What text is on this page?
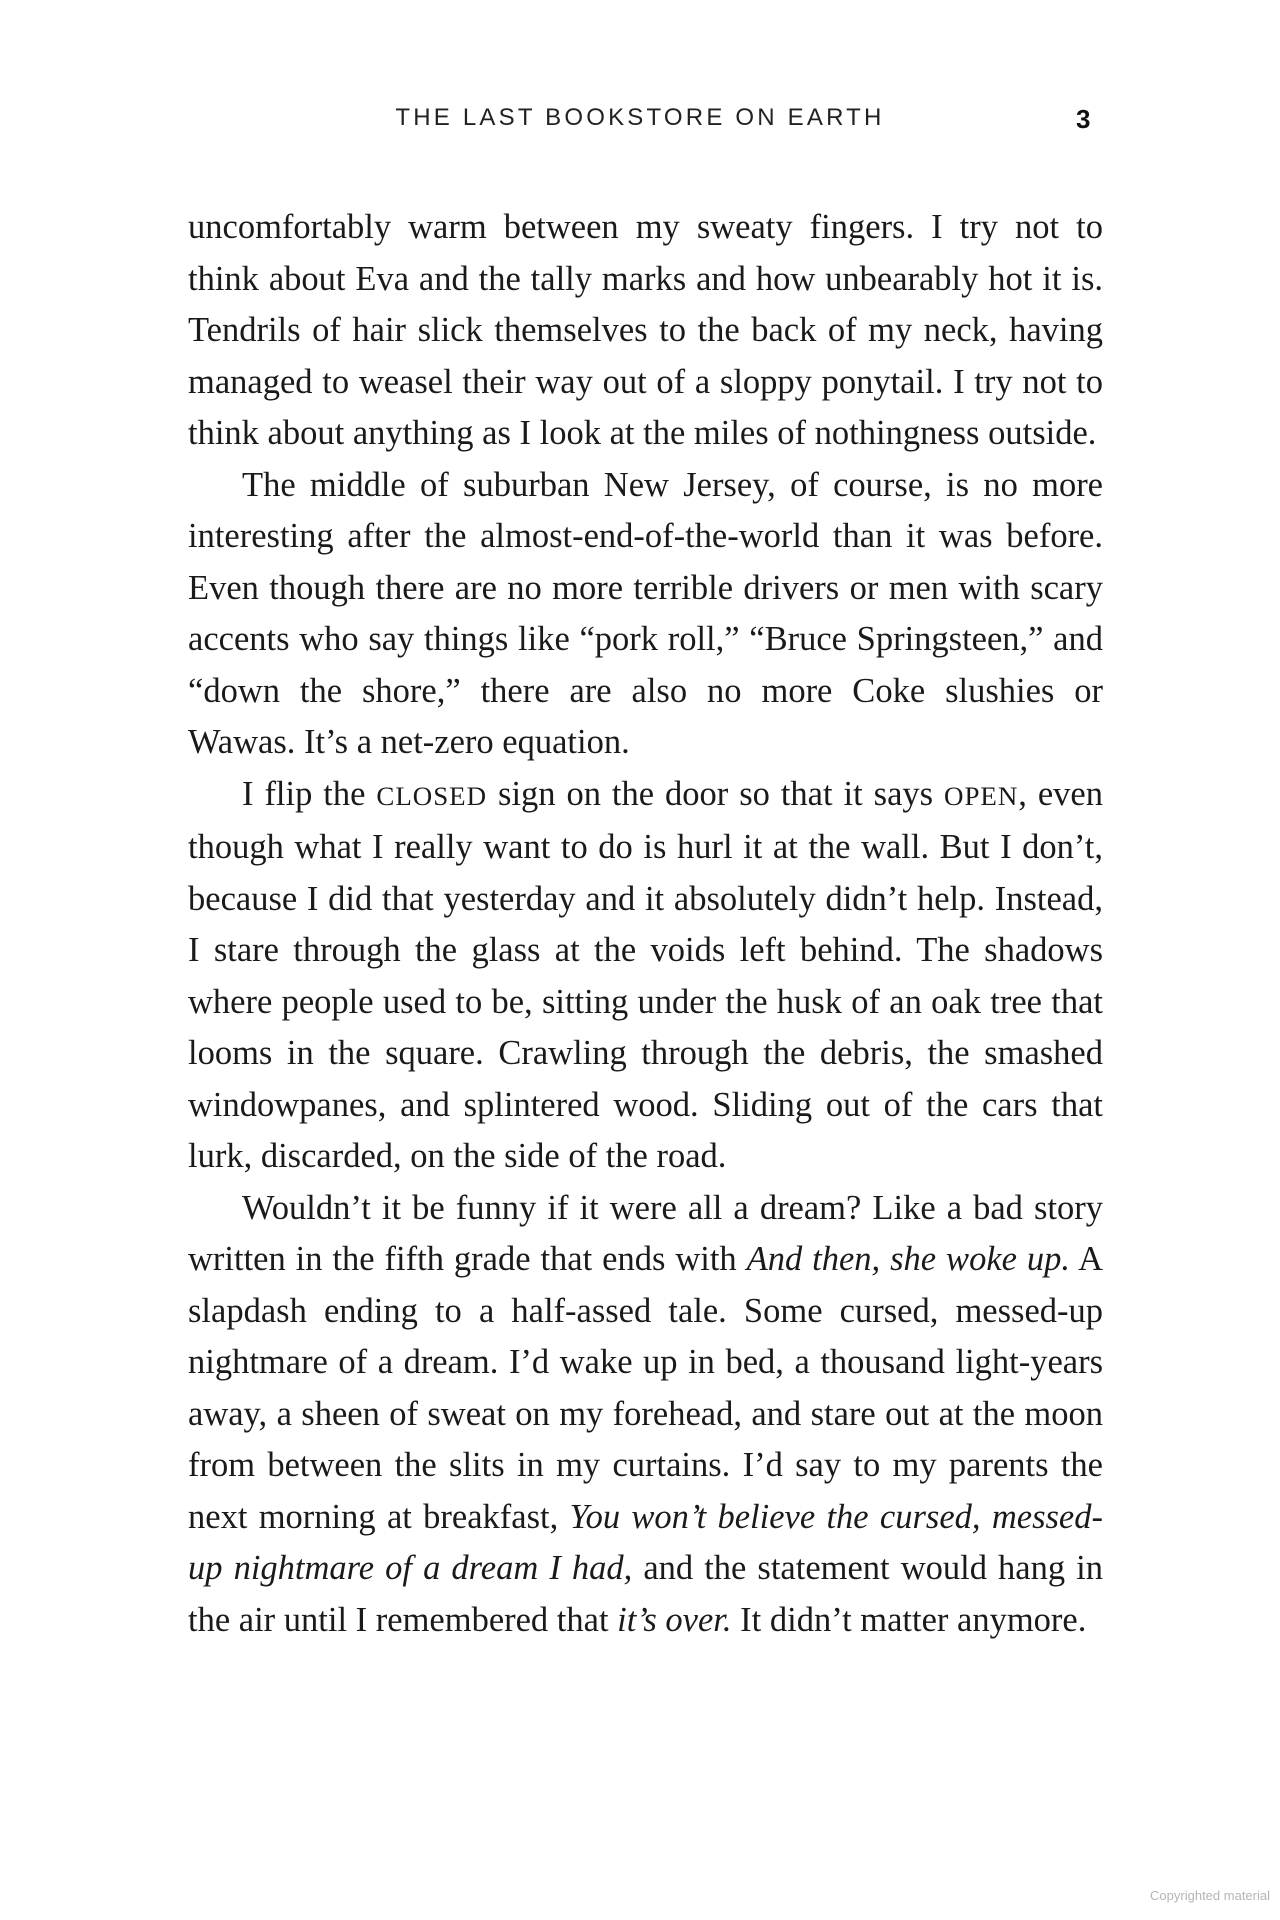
THE LAST BOOKSTORE ON EARTH	3

uncomfortably warm between my sweaty fingers. I try not to think about Eva and the tally marks and how unbearably hot it is. Tendrils of hair slick themselves to the back of my neck, having managed to weasel their way out of a sloppy ponytail. I try not to think about anything as I look at the miles of nothingness outside.

The middle of suburban New Jersey, of course, is no more interesting after the almost-end-of-the-world than it was before. Even though there are no more terrible drivers or men with scary accents who say things like “pork roll,” “Bruce Springsteen,” and “down the shore,” there are also no more Coke slushies or Wawas. It’s a net-zero equation.

I flip the CLOSED sign on the door so that it says OPEN, even though what I really want to do is hurl it at the wall. But I don’t, because I did that yesterday and it absolutely didn’t help. Instead, I stare through the glass at the voids left behind. The shadows where people used to be, sitting under the husk of an oak tree that looms in the square. Crawling through the debris, the smashed windowpanes, and splintered wood. Sliding out of the cars that lurk, discarded, on the side of the road.

Wouldn’t it be funny if it were all a dream? Like a bad story written in the fifth grade that ends with And then, she woke up. A slapdash ending to a half-assed tale. Some cursed, messed-up nightmare of a dream. I’d wake up in bed, a thousand light-years away, a sheen of sweat on my forehead, and stare out at the moon from between the slits in my curtains. I’d say to my parents the next morning at breakfast, You won’t believe the cursed, messed-up nightmare of a dream I had, and the statement would hang in the air until I remembered that it’s over. It didn’t matter anymore.

Copyrighted material
